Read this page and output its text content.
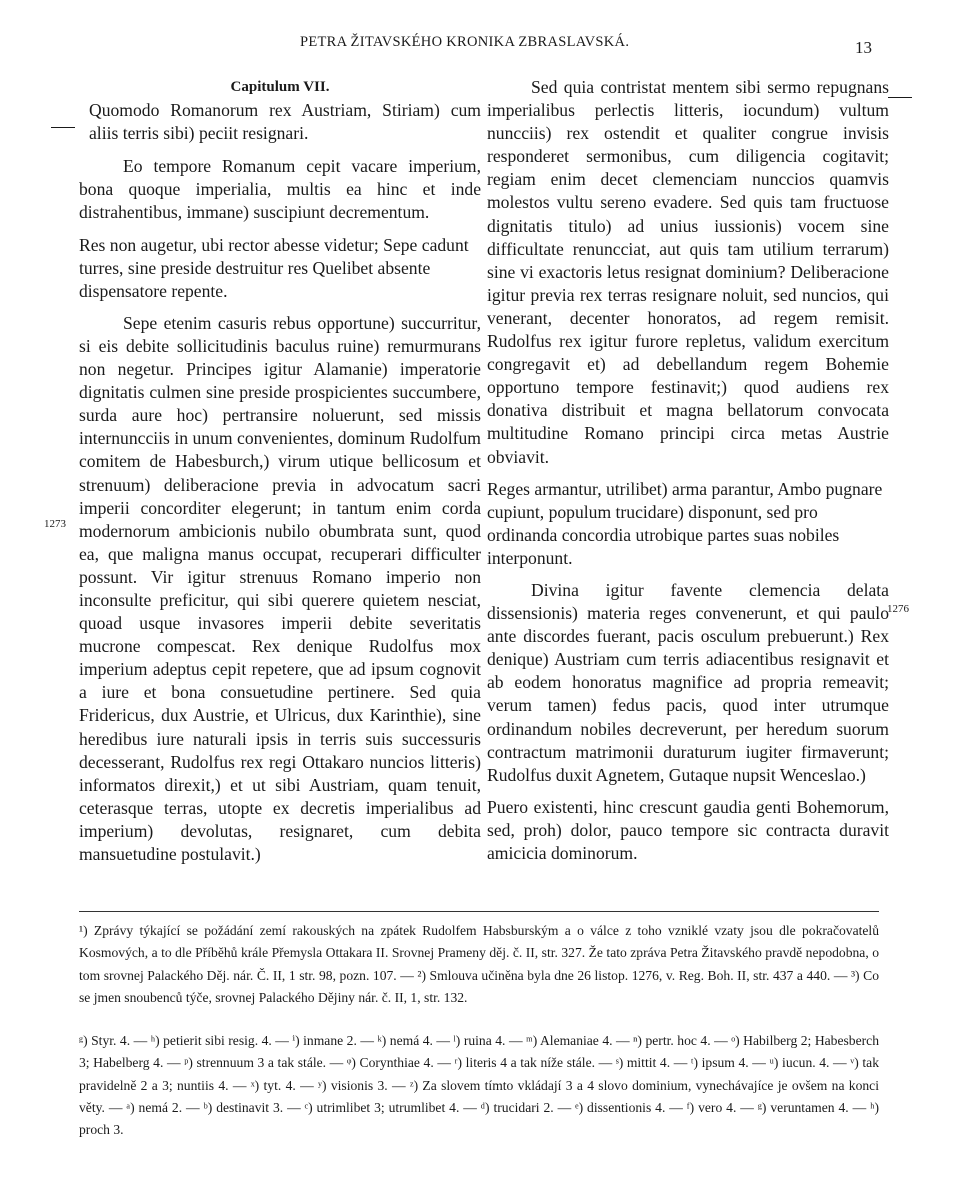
PETRA ŽITAVSKÉHO KRONIKA ZBRASLAVSKÁ.	13
1273
1276

Capitulum VII.

Quomodo Romanorum rex Austriam, Stiriam) cum aliis terris sibi) peciit resignari.

Eo tempore Romanum cepit vacare imperium, bona quoque imperialia, multis ea hinc et inde distrahentibus, immane) suscipiunt decrementum.

Res non augetur, ubi rector abesse videtur; Sepe cadunt turres, sine preside destruitur res Quelibet absente dispensatore repente.

Sepe etenim casuris rebus opportune) succurritur, si eis debite sollicitudinis baculus ruine) remurmurans non negetur. Principes igitur Alamanie) imperatorie dignitatis culmen sine preside prospicientes succumbere, surda aure hoc) pertransire noluerunt, sed missis internuncciis in unum convenientes, dominum Rudolfum comitem de Habesburch,) virum utique bellicosum et strenuum) deliberacione previa in advocatum sacri imperii concorditer elegerunt; in tantum enim corda modernorum ambicionis nubilo obumbrata sunt, quod ea, que maligna manus occupat, recuperari difficulter possunt. Vir igitur strenuus Romano imperio non inconsulte preficitur, qui sibi querere quietem nesciat, quoad usque invasores imperii debite severitatis mucrone compescat. Rex denique Rudolfus mox imperium adeptus cepit repetere, que ad ipsum cognovit a iure et bona consuetudine pertinere. Sed quia Fridericus, dux Austrie, et Ulricus, dux Karinthie), sine heredibus iure naturali ipsis in terris suis successuris decesserant, Rudolfus rex regi Ottakaro nuncios litteris) informatos direxit,) et ut sibi Austriam, quam tenuit, ceterasque terras, utopte ex decretis imperialibus ad imperium) devolutas, resignaret, cum debita mansuetudine postulavit.)

Sed quia contristat mentem sibi sermo repugnans imperialibus perlectis litteris, iocundum) vultum nuncciis) rex ostendit et qualiter congrue invisis responderet sermonibus, cum diligencia cogitavit; regiam enim decet clemenciam nunccios quamvis molestos vultu sereno evadere. Sed quis tam fructuose dignitatis titulo) ad unius iussionis) vocem sine difficultate renuncciat, aut quis tam utilium terrarum) sine vi exactoris letus resignat dominium? Deliberacione igitur previa rex terras resignare noluit, sed nuncios, qui venerant, decenter honoratos, ad regem remisit. Rudolfus rex igitur furore repletus, validum exercitum congregavit et) ad debellandum regem Bohemie opportuno tempore festinavit;) quod audiens rex donativa distribuit et magna bellatorum convocata multitudine Romano principi circa metas Austrie obviavit.

Reges armantur, utrilibet) arma parantur, Ambo pugnare cupiunt, populum trucidare) disponunt, sed pro ordinanda concordia utrobique partes suas nobiles interponunt.

Divina igitur favente clemencia delata dissensionis) materia reges convenerunt, et qui paulo ante discordes fuerant, pacis osculum prebuerunt.) Rex denique) Austriam cum terris adiacentibus resignavit et ab eodem honoratus magnifice ad propria remeavit; verum tamen) fedus pacis, quod inter utrumque ordinandum nobiles decreverunt, per heredum suorum contractum matrimonii duraturum iugiter firmaverunt; Rudolfus duxit Agnetem, Gutaque nupsit Wenceslao.)

Puero existenti, hinc crescunt gaudia genti Bohemorum, sed, proh) dolor, pauco tempore sic contracta duravit amicicia dominorum.

¹) Zprávy týkající se požádání zemí rakouských na zpátek Rudolfem Habsburským a o válce z toho vzniklé vzaty jsou dle pokračovatelů Kosmových, a to dle Příběhů krále Přemysla Ottakara II. Srovnej Prameny děj. č. II, str. 327. Že tato zpráva Petra Žitavského pravdě nepodobna, o tom srovnej Palackého Děj. nár. Č. II, 1 str. 98, pozn. 107. — ²) Smlouva učiněna byla dne 26 listop. 1276, v. Reg. Boh. II, str. 437 a 440. — ³) Co se jmen snoubenců týče, srovnej Palackého Dějiny nár. č. II, 1, str. 132.
ᵍ) Styr. 4. — ʰ) petierit sibi resig. 4. — ⁱ) inmane 2. — ᵏ) nemá 4. — ˡ) ruina 4. — ᵐ) Alemaniae 4. — ⁿ) pertr. hoc 4. — ᵒ) Habilberg 2; Habesberch 3; Habelberg 4. — ᵖ) strennuum 3 a tak stále. — ᵠ) Corynthiae 4. — ʳ) literis 4 a tak níže stále. — ˢ) mittit 4. — ᵗ) ipsum 4. — ᵘ) iucun. 4. — ᵛ) tak pravidelně 2 a 3; nuntiis 4. — ˣ) tyt. 4. — ʸ) visionis 3. — ᶻ) Za slovem tímto vkládají 3 a 4 slovo dominium, vynechávajíce je ovšem na konci věty. — ᵃ) nemá 2. — ᵇ) destinavit 3. — ᶜ) utrimlibet 3; utrumlibet 4. — ᵈ) trucidari 2. — ᵉ) dissentionis 4. — ᶠ) vero 4. — ᵍ) veruntamen 4. — ʰ) proch 3.
